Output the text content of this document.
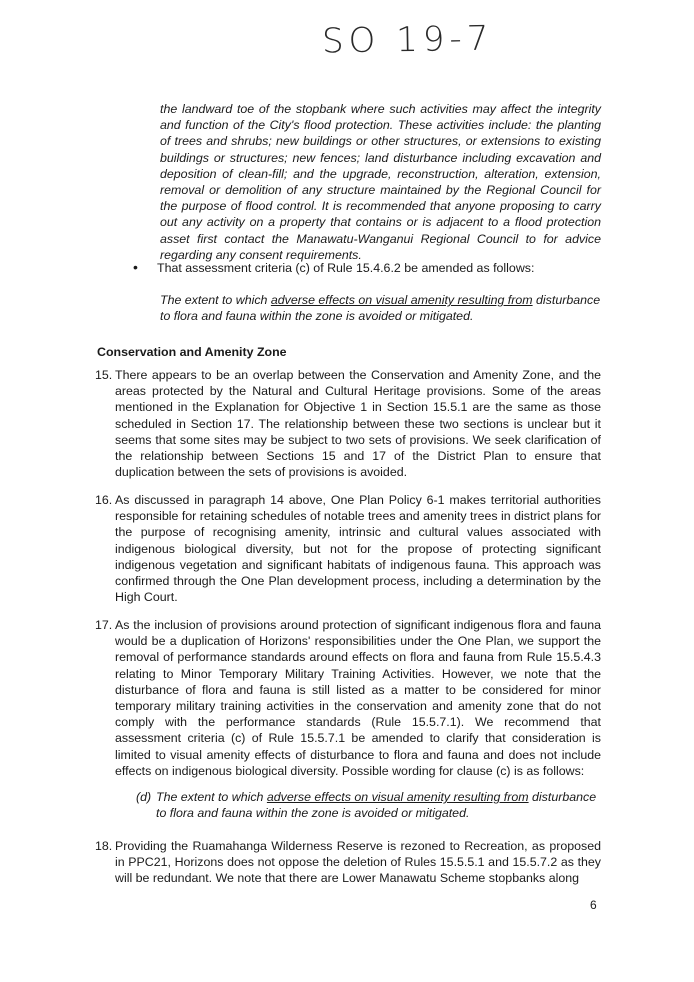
SO 19-7

the landward toe of the stopbank where such activities may affect the integrity and function of the City's flood protection. These activities include: the planting of trees and shrubs; new buildings or other structures, or extensions to existing buildings or structures; new fences; land disturbance including excavation and deposition of clean-fill; and the upgrade, reconstruction, alteration, extension, removal or demolition of any structure maintained by the Regional Council for the purpose of flood control. It is recommended that anyone proposing to carry out any activity on a property that contains or is adjacent to a flood protection asset first contact the Manawatu-Wanganui Regional Council to for advice regarding any consent requirements.

• That assessment criteria (c) of Rule 15.4.6.2 be amended as follows:

The extent to which adverse effects on visual amenity resulting from disturbance to flora and fauna within the zone is avoided or mitigated.

Conservation and Amenity Zone
15. There appears to be an overlap between the Conservation and Amenity Zone, and the areas protected by the Natural and Cultural Heritage provisions. Some of the areas mentioned in the Explanation for Objective 1 in Section 15.5.1 are the same as those scheduled in Section 17. The relationship between these two sections is unclear but it seems that some sites may be subject to two sets of provisions. We seek clarification of the relationship between Sections 15 and 17 of the District Plan to ensure that duplication between the sets of provisions is avoided.
16. As discussed in paragraph 14 above, One Plan Policy 6-1 makes territorial authorities responsible for retaining schedules of notable trees and amenity trees in district plans for the purpose of recognising amenity, intrinsic and cultural values associated with indigenous biological diversity, but not for the propose of protecting significant indigenous vegetation and significant habitats of indigenous fauna. This approach was confirmed through the One Plan development process, including a determination by the High Court.
17. As the inclusion of provisions around protection of significant indigenous flora and fauna would be a duplication of Horizons' responsibilities under the One Plan, we support the removal of performance standards around effects on flora and fauna from Rule 15.5.4.3 relating to Minor Temporary Military Training Activities. However, we note that the disturbance of flora and fauna is still listed as a matter to be considered for minor temporary military training activities in the conservation and amenity zone that do not comply with the performance standards (Rule 15.5.7.1). We recommend that assessment criteria (c) of Rule 15.5.7.1 be amended to clarify that consideration is limited to visual amenity effects of disturbance to flora and fauna and does not include effects on indigenous biological diversity. Possible wording for clause (c) is as follows:
(d) The extent to which adverse effects on visual amenity resulting from disturbance to flora and fauna within the zone is avoided or mitigated.
18. Providing the Ruamahanga Wilderness Reserve is rezoned to Recreation, as proposed in PPC21, Horizons does not oppose the deletion of Rules 15.5.5.1 and 15.5.7.2 as they will be redundant. We note that there are Lower Manawatu Scheme stopbanks along
6
